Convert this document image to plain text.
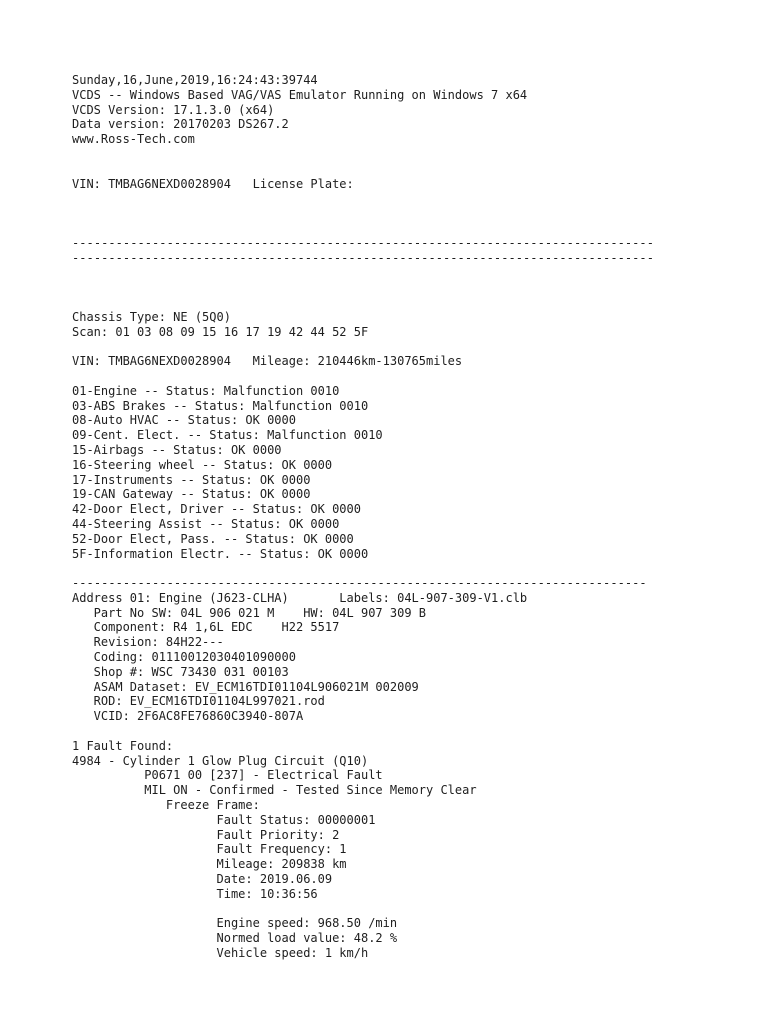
Sunday,16,June,2019,16:24:43:39744
VCDS -- Windows Based VAG/VAS Emulator Running on Windows 7 x64
VCDS Version: 17.1.3.0 (x64)
Data version: 20170203 DS267.2
www.Ross-Tech.com
VIN: TMBAG6NEXD0028904   License Plate:
--------------------------------------------------------------------------------
--------------------------------------------------------------------------------
Chassis Type: NE (5Q0)
Scan: 01 03 08 09 15 16 17 19 42 44 52 5F
VIN: TMBAG6NEXD0028904   Mileage: 210446km-130765miles
01-Engine -- Status: Malfunction 0010
03-ABS Brakes -- Status: Malfunction 0010
08-Auto HVAC -- Status: OK 0000
09-Cent. Elect. -- Status: Malfunction 0010
15-Airbags -- Status: OK 0000
16-Steering wheel -- Status: OK 0000
17-Instruments -- Status: OK 0000
19-CAN Gateway -- Status: OK 0000
42-Door Elect, Driver -- Status: OK 0000
44-Steering Assist -- Status: OK 0000
52-Door Elect, Pass. -- Status: OK 0000
5F-Information Electr. -- Status: OK 0000
-------------------------------------------------------------------------------
Address 01: Engine (J623-CLHA)       Labels: 04L-907-309-V1.clb
Part No SW: 04L 906 021 M    HW: 04L 907 309 B
Component: R4 1,6L EDC    H22 5517
Revision: 84H22---
Coding: 01110012030401090000
Shop #: WSC 73430 031 00103
ASAM Dataset: EV_ECM16TDI01104L906021M 002009
ROD: EV_ECM16TDI01104L997021.rod
VCID: 2F6AC8FE76860C3940-807A
1 Fault Found:
4984 - Cylinder 1 Glow Plug Circuit (Q10)
P0671 00 [237] - Electrical Fault
MIL ON - Confirmed - Tested Since Memory Clear
Freeze Frame:
Fault Status: 00000001
Fault Priority: 2
Fault Frequency: 1
Mileage: 209838 km
Date: 2019.06.09
Time: 10:36:56
Engine speed: 968.50 /min
Normed load value: 48.2 %
Vehicle speed: 1 km/h
